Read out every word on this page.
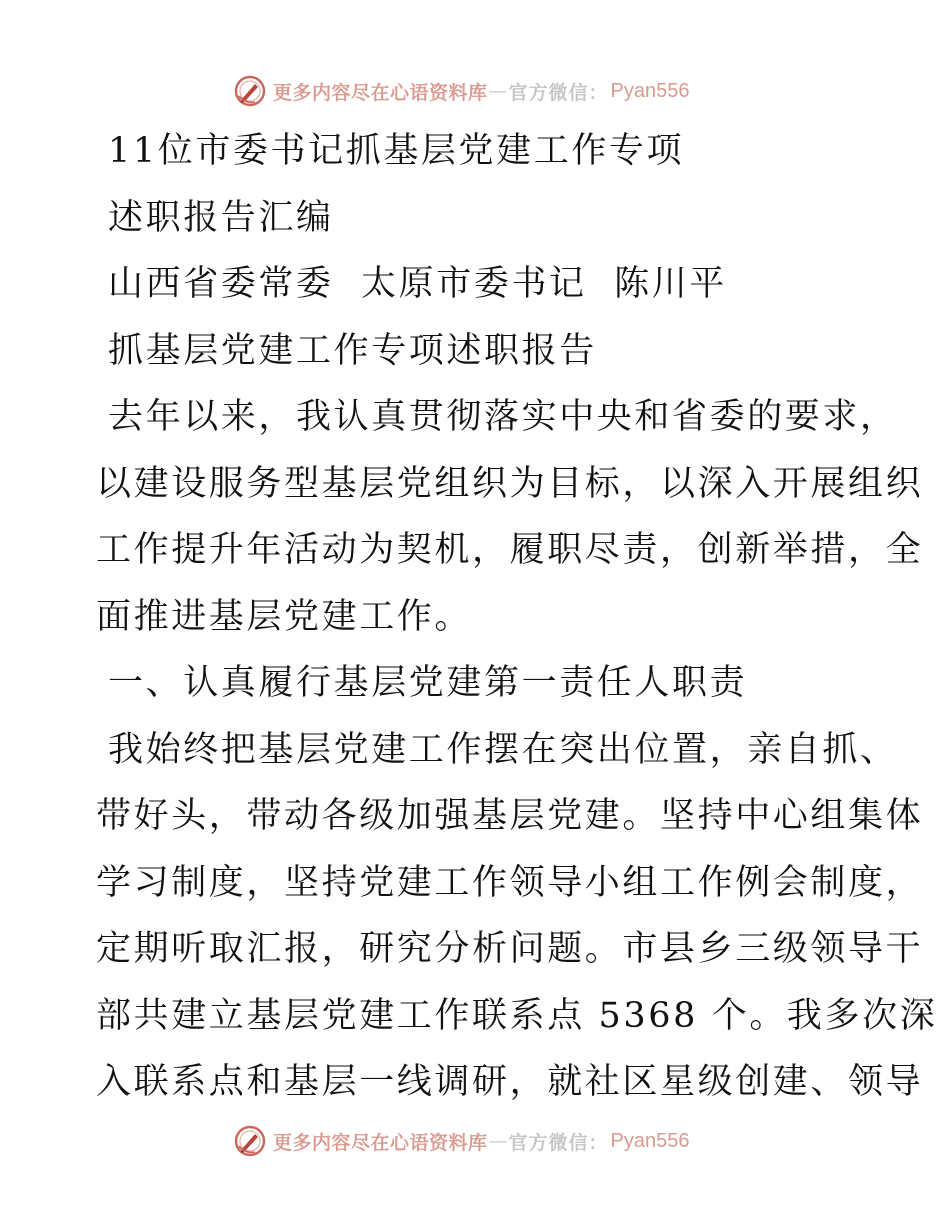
更多内容尽在心语资料库 — 官方微信： Pyan556
11位市委书记抓基层党建工作专项
述职报告汇编
山西省委常委  太原市委书记  陈川平
抓基层党建工作专项述职报告
去年以来，我认真贯彻落实中央和省委的要求，
以建设服务型基层党组织为目标，以深入开展组织
工作提升年活动为契机，履职尽责，创新举措，全
面推进基层党建工作。
一、认真履行基层党建第一责任人职责
我始终把基层党建工作摆在突出位置，亲自抓、
带好头，带动各级加强基层党建。坚持中心组集体
学习制度，坚持党建工作领导小组工作例会制度，
定期听取汇报，研究分析问题。市县乡三级领导干
部共建立基层党建工作联系点 5368 个。我多次深
入联系点和基层一线调研，就社区星级创建、领导
更多内容尽在心语资料库 — 官方微信： Pyan556
